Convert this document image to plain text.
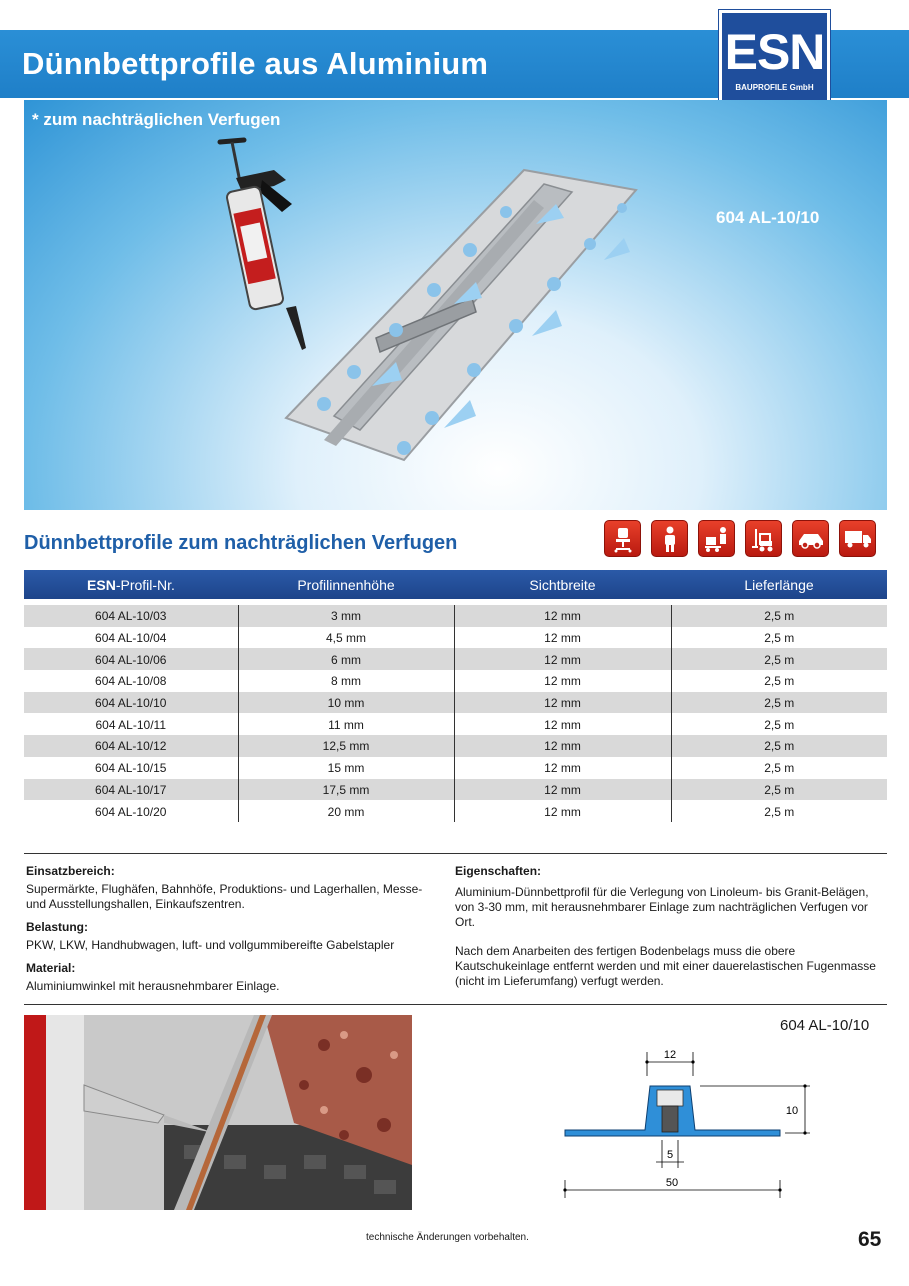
Dünnbettprofile aus Aluminium	ESN
BAUPROFILE GmbH
* zum nachträglichen Verfugen
604 AL-10/10
Dünnbettprofile zum nachträglichen Verfugen
ESN-Profil-Nr.	Profilinnenhöhe	Sichtbreite	Lieferlänge

604 AL-10/03	3 mm	12 mm	2,5 m
604 AL-10/04	4,5 mm	12 mm	2,5 m
604 AL-10/06	6 mm	12 mm	2,5 m
604 AL-10/08	8 mm	12 mm	2,5 m
604 AL-10/10	10 mm	12 mm	2,5 m
604 AL-10/11	11 mm	12 mm	2,5 m
604 AL-10/12	12,5 mm	12 mm	2,5 m
604 AL-10/15	15 mm	12 mm	2,5 m
604 AL-10/17	17,5 mm	12 mm	2,5 m
604 AL-10/20	20 mm	12 mm	2,5 m
Einsatzbereich:

Supermärkte, Flughäfen, Bahnhöfe, Produktions- und Lagerhallen, Messe- und Ausstellungshallen, Einkaufszentren.

Belastung:

PKW, LKW, Handhubwagen, luft- und vollgummibereifte Gabelstapler

Material:

Aluminiumwinkel mit herausnehmbarer Einlage.

Eigenschaften:

Aluminium-Dünnbettprofil für die Verlegung von Linoleum- bis Granit-Belägen, von 3-30 mm, mit herausnehmbarer Einlage zum nachträglichen Verfugen vor Ort.

Nach dem Anarbeiten des fertigen Bodenbelags muss die obere Kautschukeinlage entfernt werden und mit einer dauerelastischen Fugenmasse (nicht im Lieferumfang) verfugt werden.

604 AL-10/10
12
10
5
50
technische Änderungen vorbehalten.	65
